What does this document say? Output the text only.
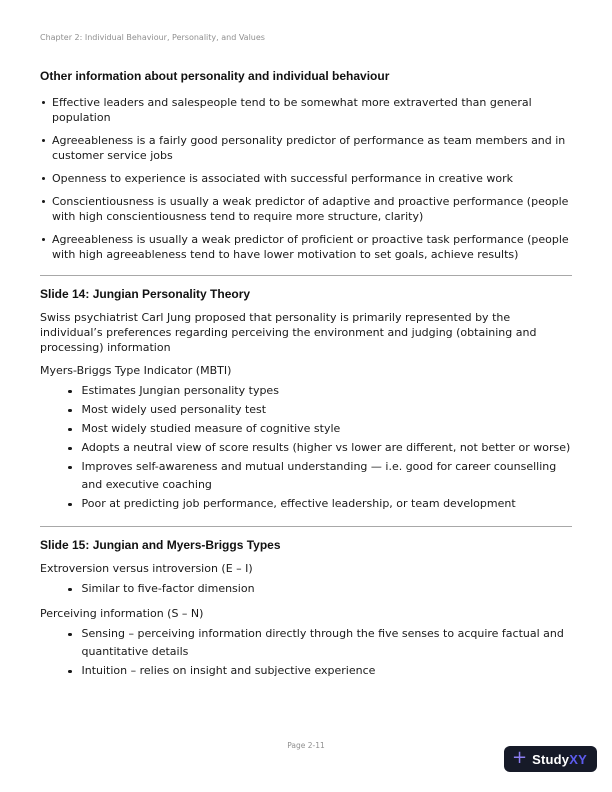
Chapter 2: Individual Behaviour, Personality, and Values
Other information about personality and individual behaviour
Effective leaders and salespeople tend to be somewhat more extraverted than general population
Agreeableness is a fairly good personality predictor of performance as team members and in customer service jobs
Openness to experience is associated with successful performance in creative work
Conscientiousness is usually a weak predictor of adaptive and proactive performance (people with high conscientiousness tend to require more structure, clarity)
Agreeableness is usually a weak predictor of proficient or proactive task performance (people with high agreeableness tend to have lower motivation to set goals, achieve results)
Slide 14: Jungian Personality Theory

Swiss psychiatrist Carl Jung proposed that personality is primarily represented by the individual’s preferences regarding perceiving the environment and judging (obtaining and processing) information

Myers-Briggs Type Indicator (MBTI)

Estimates Jungian personality types
Most widely used personality test
Most widely studied measure of cognitive style
Adopts a neutral view of score results (higher vs lower are different, not better or worse)
Improves self-awareness and mutual understanding — i.e. good for career counselling and executive coaching
Poor at predicting job performance, effective leadership, or team development
Slide 15: Jungian and Myers-Briggs Types

Extroversion versus introversion (E – I)

Similar to five-factor dimension

Perceiving information (S – N)

Sensing – perceiving information directly through the five senses to acquire factual and quantitative details
Intuition – relies on insight and subjective experience
Page 2-11
+ Study XY
